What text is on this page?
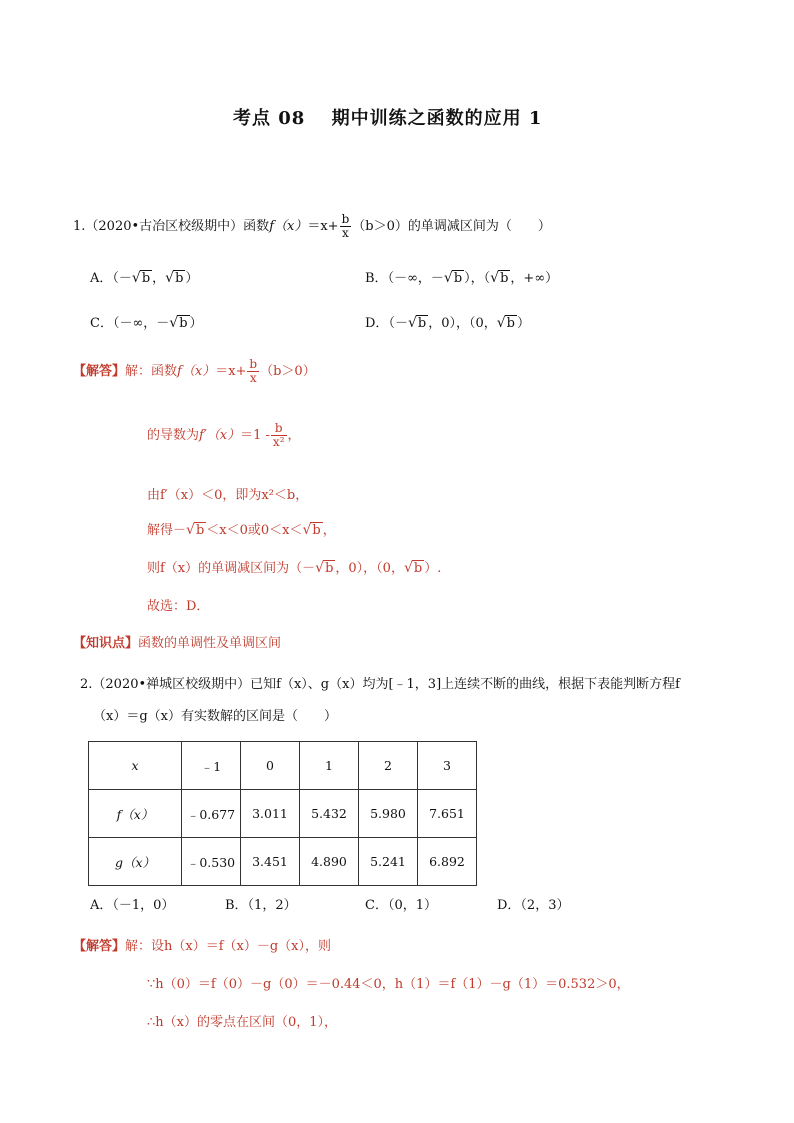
考点 08　 期中训练之函数的应用 1
1.（2020•古冶区校级期中）函数$f(x)=x+ \frac{b}{x} (b>0)$的单调减区间为（　　）
A．（－√b ，√b ）	B．（－∞，－√b ），（√b ，+∞）
C．（－∞，－√b ）	D．（－√b ，0），（0，√b ）
【解答】解：函数$f(x)=x+ \frac{b}{x} (b>0)$
的导数为$f'(x)=1 - \frac{b}{\text{x²}}$ ，
由f′（x）＜0，即为x²＜b，
解得－√b ＜x＜0或0＜x＜√b ，
则f（x）的单调减区间为（－√b ，0），（0，√b ）.
故选：D．
【知识点】函数的单调性及单调区间
2.（2020•禅城区校级期中）已知f（x）、g（x）均为[﹣1，3]上连续不断的曲线，根据下表能判断方程f
（x）＝g（x）有实数解的区间是（　　）
x	﹣1	0	1	2	3
f（x）	﹣0.677	3.011	5.432	5.980	7.651
g（x）	﹣0.530	3.451	4.890	5.241	6.892
A．（－1，0）	B．（1，2）	C．（0，1）	D．（2，3）
【解答】解：设h（x）＝f（x）－g（x），则
∵h（0）＝f（0）－g（0）＝－0.44＜0，h（1）＝f（1）－g（1）＝0.532＞0，
∴h（x）的零点在区间（0，1），
